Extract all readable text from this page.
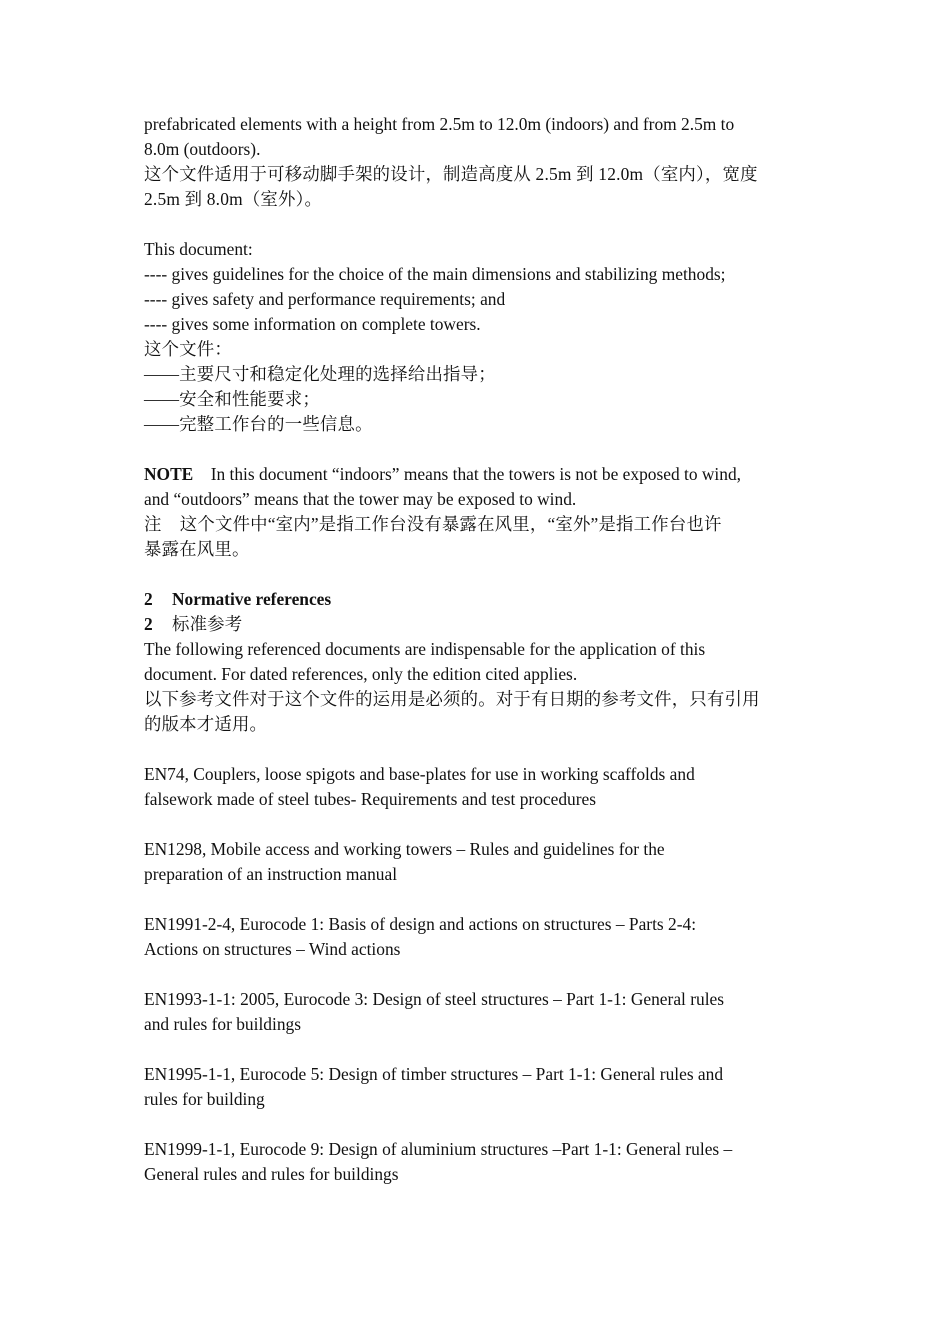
prefabricated elements with a height from 2.5m to 12.0m (indoors) and from 2.5m to
8.0m (outdoors).
这个文件适用于可移动脚手架的设计，制造高度从 2.5m 到 12.0m（室内），宽度
2.5m 到 8.0m（室外）。
This document:
---- gives guidelines for the choice of the main dimensions and stabilizing methods;
---- gives safety and performance requirements; and
---- gives some information on complete towers.
这个文件：
——主要尺寸和稳定化处理的选择给出指导；
——安全和性能要求；
——完整工作台的一些信息。
NOTE In this document “indoors” means that the towers is not be exposed to wind,
and “outdoors” means that the tower may be exposed to wind.
注 这个文件中“室内”是指工作台没有暴露在风里，“室外”是指工作台也许
暴露在风里。
2 Normative references
2 标准参考
The following referenced documents are indispensable for the application of this
document. For dated references, only the edition cited applies.
以下参考文件对于这个文件的运用是必须的。对于有日期的参考文件，只有引用
的版本才适用。
EN74, Couplers, loose spigots and base-plates for use in working scaffolds and
falsework made of steel tubes- Requirements and test procedures
EN1298, Mobile access and working towers – Rules and guidelines for the
preparation of an instruction manual
EN1991-2-4, Eurocode 1: Basis of design and actions on structures – Parts 2-4:
Actions on structures – Wind actions
EN1993-1-1: 2005, Eurocode 3: Design of steel structures – Part 1-1: General rules
and rules for buildings
EN1995-1-1, Eurocode 5: Design of timber structures – Part 1-1: General rules and
rules for building
EN1999-1-1, Eurocode 9: Design of aluminium structures –Part 1-1: General rules –
General rules and rules for buildings
